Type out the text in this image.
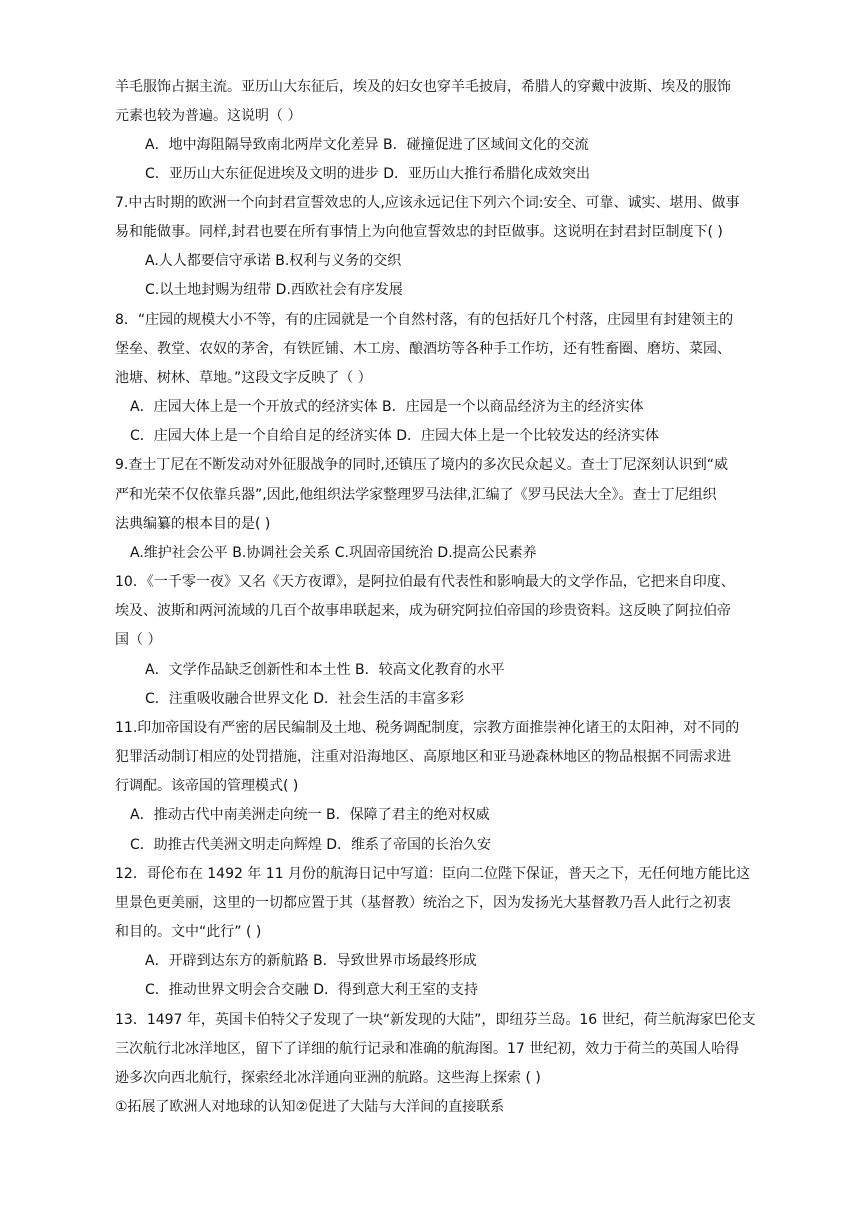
羊毛服饰占据主流。亚历山大东征后，埃及的妇女也穿羊毛披肩，希腊人的穿戴中波斯、埃及的服饰
元素也较为普遍。这说明（ ）
A．地中海阻隔导致南北两岸文化差异 B．碰撞促进了区域间文化的交流
C．亚历山大东征促进埃及文明的进步 D．亚历山大推行希腊化成效突出
7.中古时期的欧洲一个向封君宣誓效忠的人,应该永远记住下列六个词:安全、可靠、诚实、堪用、做事
易和能做事。同样,封君也要在所有事情上为向他宣誓效忠的封臣做事。这说明在封君封臣制度下( )
A.人人都要信守承诺 B.权利与义务的交织
C.以土地封赐为纽带 D.西欧社会有序发展
8．“庄园的规模大小不等，有的庄园就是一个自然村落，有的包括好几个村落，庄园里有封建领主的
堡垒、教堂、农奴的茅舍，有铁匠铺、木工房、酿酒坊等各种手工作坊，还有牲畜圈、磨坊、菜园、
池塘、树林、草地。”这段文字反映了（ ）
A．庄园大体上是一个开放式的经济实体 B．庄园是一个以商品经济为主的经济实体
C．庄园大体上是一个自给自足的经济实体 D．庄园大体上是一个比较发达的经济实体
9.查士丁尼在不断发动对外征服战争的同时,还镇压了境内的多次民众起义。查士丁尼深刻认识到“威
严和光荣不仅依靠兵器”,因此,他组织法学家整理罗马法律,汇编了《罗马民法大全》。查士丁尼组织
法典编纂的根本目的是( )
A.维护社会公平 B.协调社会关系 C.巩固帝国统治 D.提高公民素养
10．《一千零一夜》又名《天方夜谭》，是阿拉伯最有代表性和影响最大的文学作品，它把来自印度、
埃及、波斯和两河流域的几百个故事串联起来，成为研究阿拉伯帝国的珍贵资料。这反映了阿拉伯帝
国（ ）
A．文学作品缺乏创新性和本土性 B．较高文化教育的水平
C．注重吸收融合世界文化 D．社会生活的丰富多彩
11.印加帝国设有严密的居民编制及土地、税务调配制度，宗教方面推崇神化诸王的太阳神，对不同的
犯罪活动制订相应的处罚措施，注重对沿海地区、高原地区和亚马逊森林地区的物品根据不同需求进
行调配。该帝国的管理模式( )
A．推动古代中南美洲走向统一 B．保障了君主的绝对权威
C．助推古代美洲文明走向辉煌 D．维系了帝国的长治久安
12．哥伦布在 1492 年 11 月份的航海日记中写道：臣向二位陛下保证，普天之下，无任何地方能比这
里景色更美丽，这里的一切都应置于其（基督教）统治之下，因为发扬光大基督教乃吾人此行之初衷
和目的。文中“此行” ( )
A．开辟到达东方的新航路 B．导致世界市场最终形成
C．推动世界文明会合交融 D．得到意大利王室的支持
13．1497 年，英国卡伯特父子发现了一块“新发现的大陆”，即纽芬兰岛。16 世纪，荷兰航海家巴伦支
三次航行北冰洋地区，留下了详细的航行记录和准确的航海图。17 世纪初，效力于荷兰的英国人哈得
逊多次向西北航行，探索经北冰洋通向亚洲的航路。这些海上探索 ( )
①拓展了欧洲人对地球的认知②促进了大陆与大洋间的直接联系
